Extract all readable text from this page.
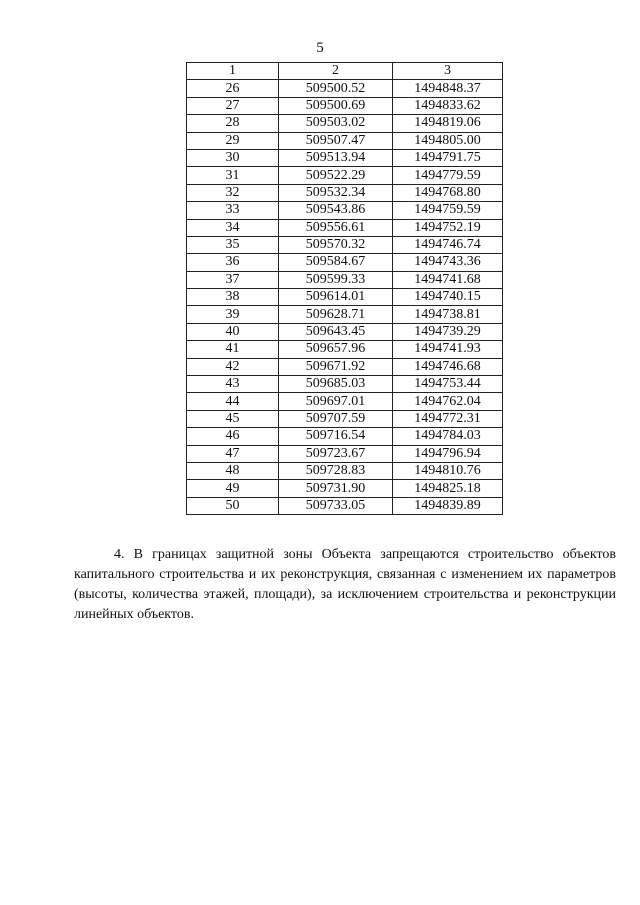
5
1	2	3
26	509500.52	1494848.37
27	509500.69	1494833.62
28	509503.02	1494819.06
29	509507.47	1494805.00
30	509513.94	1494791.75
31	509522.29	1494779.59
32	509532.34	1494768.80
33	509543.86	1494759.59
34	509556.61	1494752.19
35	509570.32	1494746.74
36	509584.67	1494743.36
37	509599.33	1494741.68
38	509614.01	1494740.15
39	509628.71	1494738.81
40	509643.45	1494739.29
41	509657.96	1494741.93
42	509671.92	1494746.68
43	509685.03	1494753.44
44	509697.01	1494762.04
45	509707.59	1494772.31
46	509716.54	1494784.03
47	509723.67	1494796.94
48	509728.83	1494810.76
49	509731.90	1494825.18
50	509733.05	1494839.89

4. В границах защитной зоны Объекта запрещаются строительство объектов капитального строительства и их реконструкция, связанная с изменением их параметров (высоты, количества этажей, площади), за исключением строительства и реконструкции линейных объектов.
